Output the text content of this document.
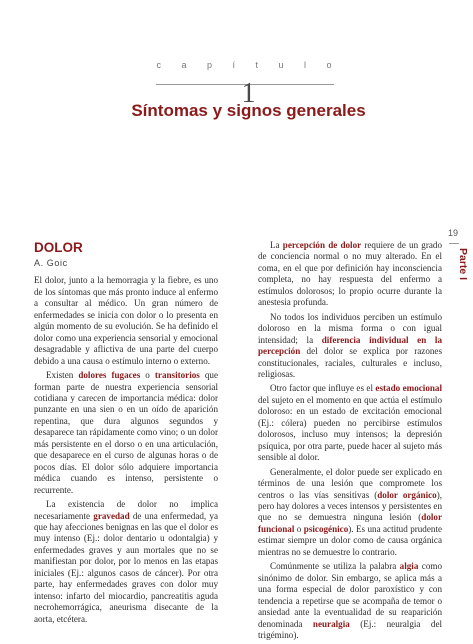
c a p í t u l o
1
Síntomas y signos generales
19
Parte I
DOLOR
A. Goic

El dolor, junto a la hemorragia y la fiebre, es uno de los síntomas que más pronto induce al enfermo a consultar al médico. Un gran número de enfermedades se inicia con dolor o lo presenta en algún momento de su evolución. Se ha definido el dolor como una experiencia sensorial y emocional desagradable y aflictiva de una parte del cuerpo debido a una causa o estímulo interno o externo.

Existen dolores fugaces o transitorios que forman parte de nuestra experiencia sensorial cotidiana y carecen de importancia médica: dolor punzante en una sien o en un oído de aparición repentina, que dura algunos segundos y desaparece tan rápidamente como vino; o un dolor más persistente en el dorso o en una articulación, que desaparece en el curso de algunas horas o de pocos días. El dolor sólo adquiere importancia médica cuando es intenso, persistente o recurrente.

La existencia de dolor no implica necesariamente gravedad de una enfermedad, ya que hay afecciones benignas en las que el dolor es muy intenso (Ej.: dolor dentario u odontalgia) y enfermedades graves y aun mortales que no se manifiestan por dolor, por lo menos en las etapas iniciales (Ej.: algunos casos de cáncer). Por otra parte, hay enfermedades graves con dolor muy intenso: infarto del miocardio, pancreatitis aguda necrohemorrágica, aneurisma disecante de la aorta, etcétera.

La percepción de dolor requiere de un grado de conciencia normal o no muy alterado. En el coma, en el que por definición hay inconsciencia completa, no hay respuesta del enfermo a estímulos dolorosos; lo propio ocurre durante la anestesia profunda.

No todos los individuos perciben un estímulo doloroso en la misma forma o con igual intensidad; la diferencia individual en la percepción del dolor se explica por razones constitucionales, raciales, culturales e incluso, religiosas.

Otro factor que influye es el estado emocional del sujeto en el momento en que actúa el estímulo doloroso: en un estado de excitación emocional (Ej.: cólera) pueden no percibirse estímulos dolorosos, incluso muy intensos; la depresión psíquica, por otra parte, puede hacer al sujeto más sensible al dolor.

Generalmente, el dolor puede ser explicado en términos de una lesión que compromete los centros o las vías sensitivas (dolor orgánico), pero hay dolores a veces intensos y persistentes en que no se demuestra ninguna lesión (dolor funcional o psicogénico). Es una actitud prudente estimar siempre un dolor como de causa orgánica mientras no se demuestre lo contrario.

Comúnmente se utiliza la palabra algia como sinónimo de dolor. Sin embargo, se aplica más a una forma especial de dolor paroxístico y con tendencia a repetirse que se acompaña de temor o ansiedad ante la eventualidad de su reaparición denominada neuralgia (Ej.: neuralgia del trigémino).
